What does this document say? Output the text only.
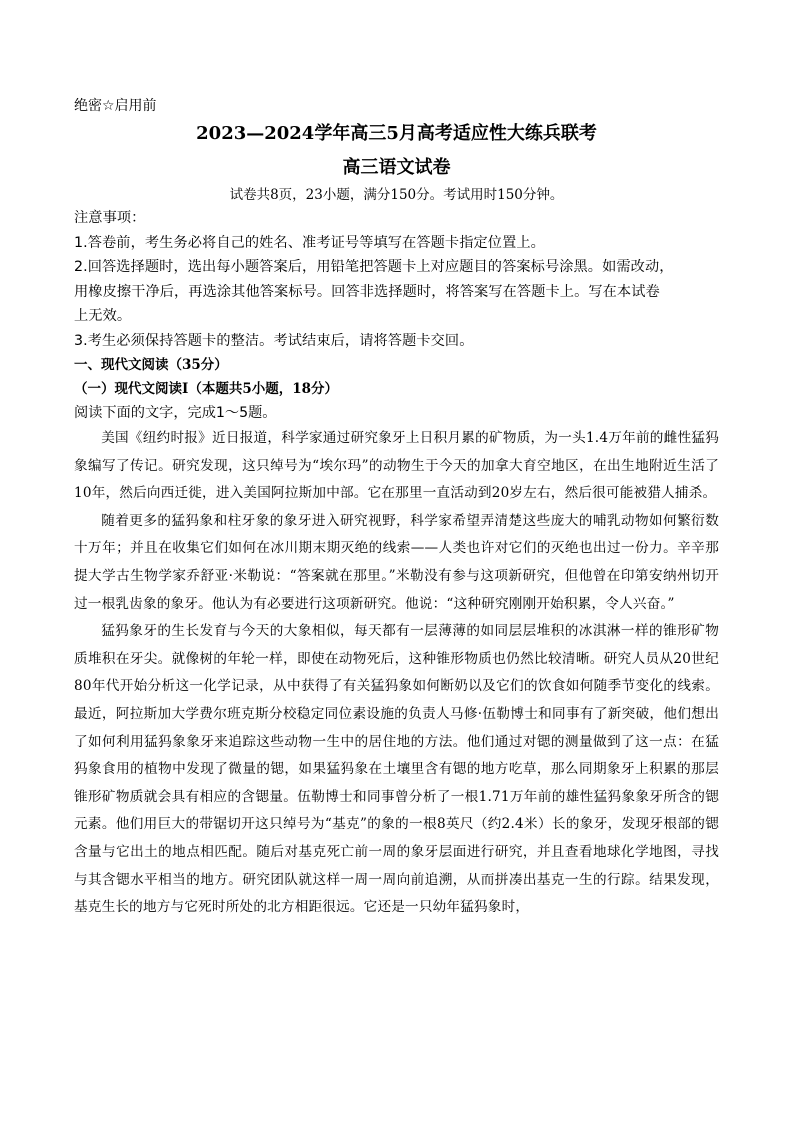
绝密☆启用前
2023—2024学年高三5月高考适应性大练兵联考
高三语文试卷
试卷共8页，23小题，满分150分。考试用时150分钟。
注意事项：
1.答卷前，考生务必将自己的姓名、准考证号等填写在答题卡指定位置上。
2.回答选择题时，选出每小题答案后，用铅笔把答题卡上对应题目的答案标号涂黑。如需改动，
用橡皮擦干净后，再选涂其他答案标号。回答非选择题时，将答案写在答题卡上。写在本试卷
上无效。
3.考生必须保持答题卡的整洁。考试结束后，请将答题卡交回。
一、现代文阅读（35分）
（一）现代文阅读Ⅰ（本题共5小题，18分）
阅读下面的文字，完成1～5题。

美国《纽约时报》近日报道，科学家通过研究象牙上日积月累的矿物质，为一头1.4万年前的雌性猛犸象编写了传记。研究发现，这只绰号为“埃尔玛”的动物生于今天的加拿大育空地区，在出生地附近生活了10年，然后向西迁徙，进入美国阿拉斯加中部。它在那里一直活动到20岁左右，然后很可能被猎人捕杀。

随着更多的猛犸象和柱牙象的象牙进入研究视野，科学家希望弄清楚这些庞大的哺乳动物如何繁衍数十万年；并且在收集它们如何在冰川期末期灭绝的线索——人类也许对它们的灭绝也出过一份力。辛辛那提大学古生物学家乔舒亚·米勒说：“答案就在那里。”米勒没有参与这项新研究，但他曾在印第安纳州切开过一根乳齿象的象牙。他认为有必要进行这项新研究。他说：“这种研究刚刚开始积累，令人兴奋。”

猛犸象牙的生长发育与今天的大象相似，每天都有一层薄薄的如同层层堆积的冰淇淋一样的锥形矿物质堆积在牙尖。就像树的年轮一样，即使在动物死后，这种锥形物质也仍然比较清晰。研究人员从20世纪80年代开始分析这一化学记录，从中获得了有关猛犸象如何断奶以及它们的饮食如何随季节变化的线索。最近，阿拉斯加大学费尔班克斯分校稳定同位素设施的负责人马修·伍勒博士和同事有了新突破，他们想出了如何利用猛犸象象牙来追踪这些动物一生中的居住地的方法。他们通过对锶的测量做到了这一点：在猛犸象食用的植物中发现了微量的锶，如果猛犸象在土壤里含有锶的地方吃草，那么同期象牙上积累的那层锥形矿物质就会具有相应的含锶量。伍勒博士和同事曾分析了一根1.71万年前的雄性猛犸象象牙所含的锶元素。他们用巨大的带锯切开这只绰号为“基克”的象的一根8英尺（约2.4米）长的象牙，发现牙根部的锶含量与它出土的地点相匹配。随后对基克死亡前一周的象牙层面进行研究，并且查看地球化学地图，寻找与其含锶水平相当的地方。研究团队就这样一周一周向前追溯，从而拼凑出基克一生的行踪。结果发现，基克生长的地方与它死时所处的北方相距很远。它还是一只幼年猛犸象时，
